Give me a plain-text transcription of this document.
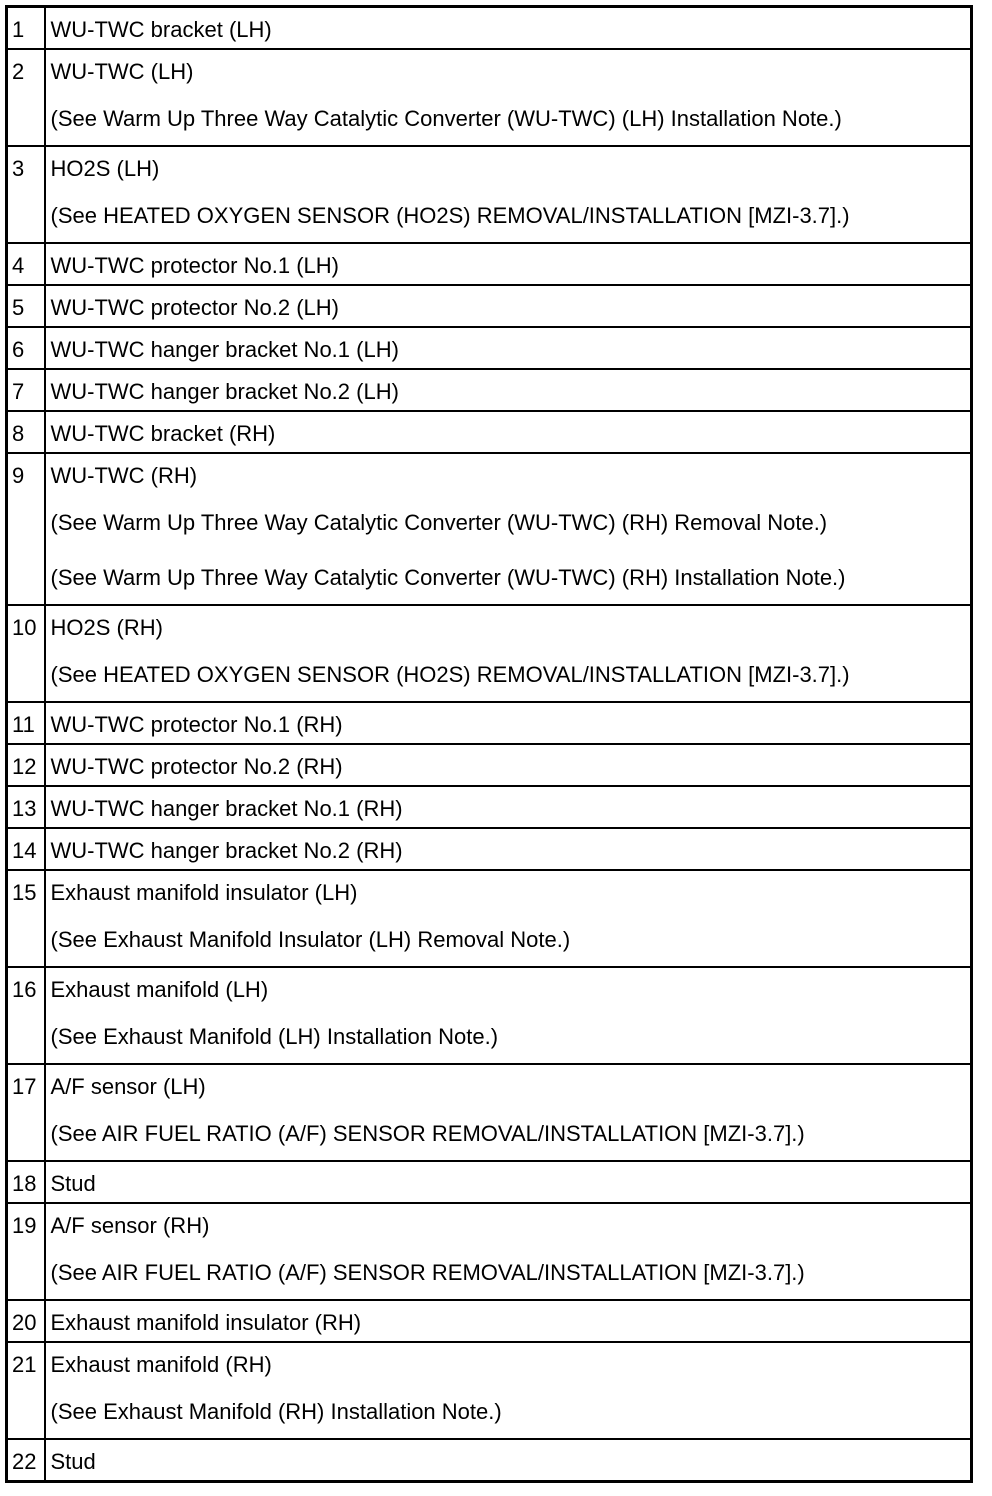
1	WU-TWC bracket (LH)

2	WU-TWC (LH)
(See Warm Up Three Way Catalytic Converter (WU-TWC) (LH) Installation Note.)

3	HO2S (LH)
(See HEATED OXYGEN SENSOR (HO2S) REMOVAL/INSTALLATION [MZI-3.7].)

4	WU-TWC protector No.1 (LH)

5	WU-TWC protector No.2 (LH)

6	WU-TWC hanger bracket No.1 (LH)

7	WU-TWC hanger bracket No.2 (LH)

8	WU-TWC bracket (RH)

9	WU-TWC (RH)
(See Warm Up Three Way Catalytic Converter (WU-TWC) (RH) Removal Note.)
(See Warm Up Three Way Catalytic Converter (WU-TWC) (RH) Installation Note.)

10	HO2S (RH)
(See HEATED OXYGEN SENSOR (HO2S) REMOVAL/INSTALLATION [MZI-3.7].)

11	WU-TWC protector No.1 (RH)

12	WU-TWC protector No.2 (RH)

13	WU-TWC hanger bracket No.1 (RH)

14	WU-TWC hanger bracket No.2 (RH)

15	Exhaust manifold insulator (LH)
(See Exhaust Manifold Insulator (LH) Removal Note.)

16	Exhaust manifold (LH)
(See Exhaust Manifold (LH) Installation Note.)

17	A/F sensor (LH)
(See AIR FUEL RATIO (A/F) SENSOR REMOVAL/INSTALLATION [MZI-3.7].)

18	Stud

19	A/F sensor (RH)
(See AIR FUEL RATIO (A/F) SENSOR REMOVAL/INSTALLATION [MZI-3.7].)

20	Exhaust manifold insulator (RH)

21	Exhaust manifold (RH)
(See Exhaust Manifold (RH) Installation Note.)

22	Stud
